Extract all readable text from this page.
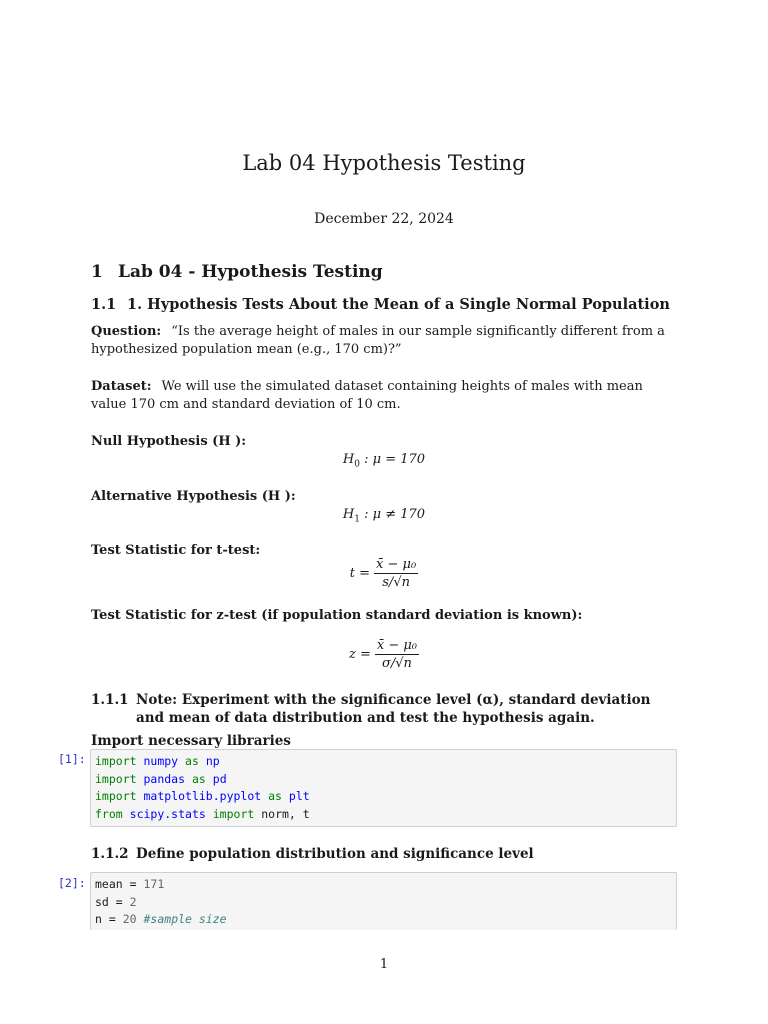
Lab 04 Hypothesis Testing
December 22, 2024
1 Lab 04 - Hypothesis Testing
1.1 1. Hypothesis Tests About the Mean of a Single Normal Population
Question: “Is the average height of males in our sample significantly different from a hypothesized population mean (e.g., 170 cm)?”
Dataset: We will use the simulated dataset containing heights of males with mean value 170 cm and standard deviation of 10 cm.
Null Hypothesis (H ):
$H_0$ : μ = 170
Alternative Hypothesis (H ):
$H_1$ : μ ≠ 170
Test Statistic for t-test:
$t = \frac{\text{x̄ − μ₀}}{s/√n}$
Test Statistic for z-test (if population standard deviation is known):
$z = \frac{\text{x̄ − μ₀}}{\sigma/√n}$
1.1.1 Note: Experiment with the significance level (α), standard deviation and mean of data distribution and test the hypothesis again.
Import necessary libraries
[1]: import numpy as np
import pandas as pd
import matplotlib.pyplot as plt
from scipy.stats import norm, t
1.1.2 Define population distribution and significance level
[2]: mean = 171
sd = 2
n = 20 #sample size
1
